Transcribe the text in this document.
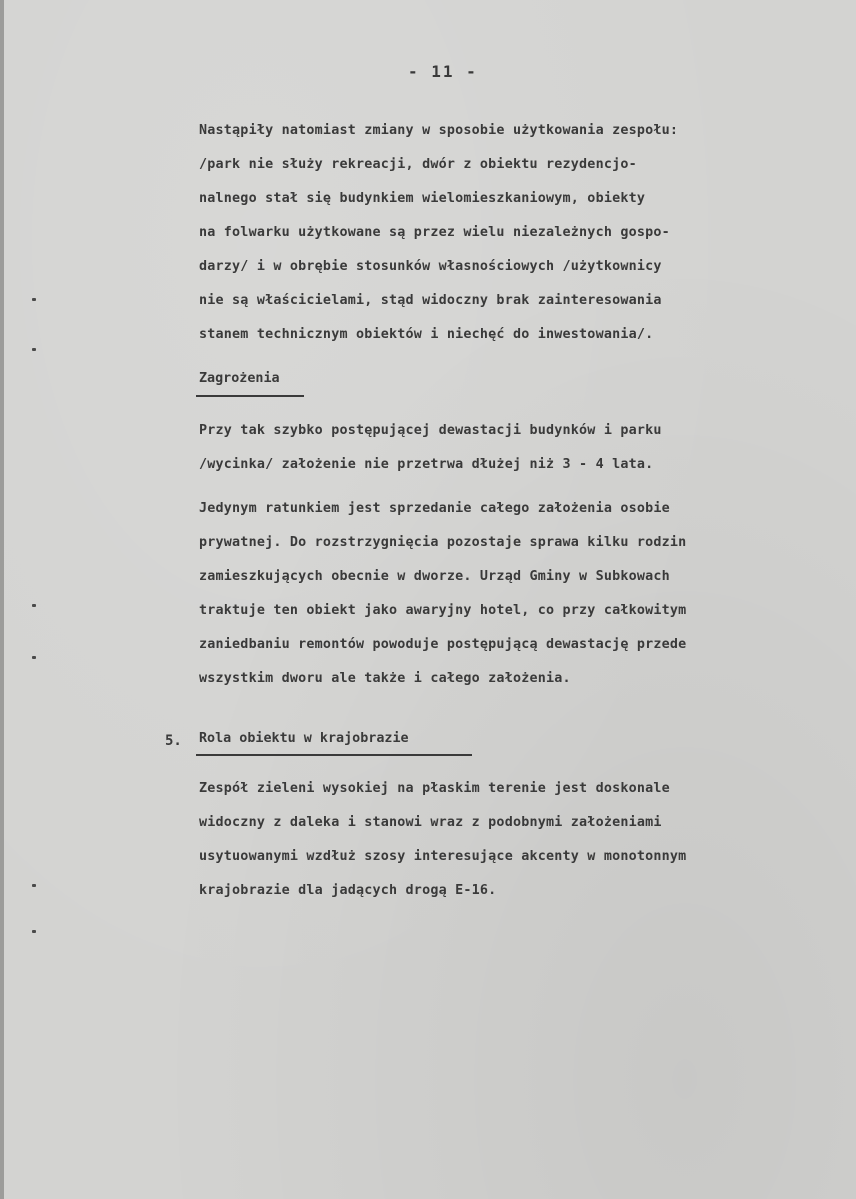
- 11 -
Nastąpiły natomiast zmiany w sposobie użytkowania zespołu:
/park nie służy rekreacji, dwór z obiektu rezydencjo-
nalnego stał się budynkiem wielomieszkaniowym, obiekty
na folwarku użytkowane są przez wielu niezależnych gospo-
darzy/ i w obrębie stosunków własnościowych /użytkownicy
nie są właścicielami, stąd widoczny brak zainteresowania
stanem technicznym obiektów i niechęć do inwestowania/.
Zagrożenia
Przy tak szybko postępującej dewastacji budynków i parku
/wycinka/ założenie nie przetrwa dłużej niż 3 - 4 lata.
Jedynym ratunkiem jest sprzedanie całego założenia osobie
prywatnej. Do rozstrzygnięcia pozostaje sprawa kilku rodzin
zamieszkujących obecnie w dworze. Urząd Gminy w Subkowach
traktuje ten obiekt jako awaryjny hotel, co przy całkowitym
zaniedbaniu remontów powoduje postępującą dewastację przede
wszystkim dworu ale także i całego założenia.
5. Rola obiektu w krajobrazie
Zespół zieleni wysokiej na płaskim terenie jest doskonale
widoczny z daleka i stanowi wraz z podobnymi założeniami
usytuowanymi wzdłuż szosy interesujące akcenty w monotonnym
krajobrazie dla jadących drogą E-16.
